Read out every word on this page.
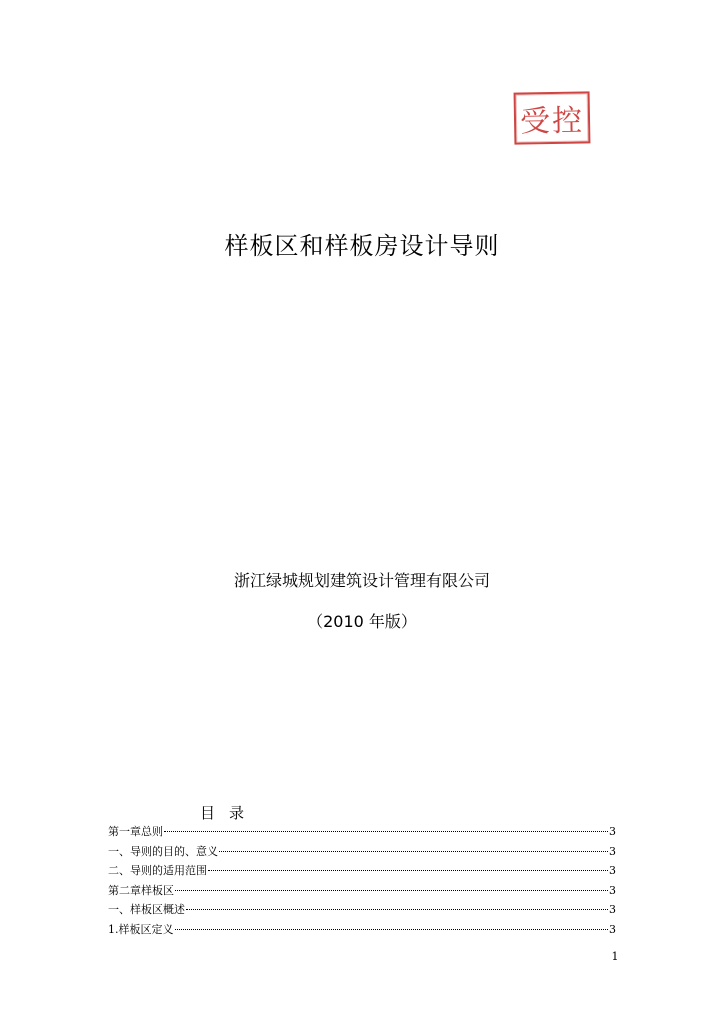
受控
样板区和样板房设计导则
浙江绿城规划建筑设计管理有限公司
（2010 年版）
目录
第一章总则	3
一、导则的目的、意义	3
二、导则的适用范围	3
第二章样板区	3
一、样板区概述	3
1.样板区定义	3
1
